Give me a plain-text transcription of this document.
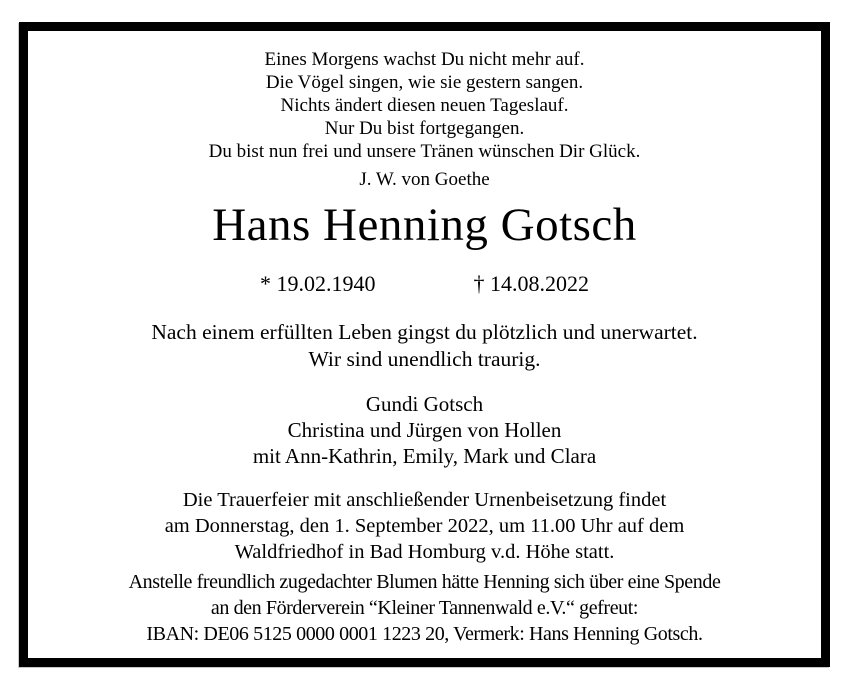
Eines Morgens wachst Du nicht mehr auf.
Die Vögel singen, wie sie gestern sangen.
Nichts ändert diesen neuen Tageslauf.
Nur Du bist fortgegangen.
Du bist nun frei und unsere Tränen wünschen Dir Glück.
J. W. von Goethe
Hans Henning Gotsch
* 19.02.1940	† 14.08.2022
Nach einem erfüllten Leben gingst du plötzlich und unerwartet.
Wir sind unendlich traurig.
Gundi Gotsch
Christina und Jürgen von Hollen
mit Ann-Kathrin, Emily, Mark und Clara
Die Trauerfeier mit anschließender Urnenbeisetzung findet
am Donnerstag, den 1. September 2022, um 11.00 Uhr auf dem
Waldfriedhof in Bad Homburg v.d. Höhe statt.
Anstelle freundlich zugedachter Blumen hätte Henning sich über eine Spende
an den Förderverein “Kleiner Tannenwald e.V.“ gefreut:
IBAN: DE06 5125 0000 0001 1223 20, Vermerk: Hans Henning Gotsch.
